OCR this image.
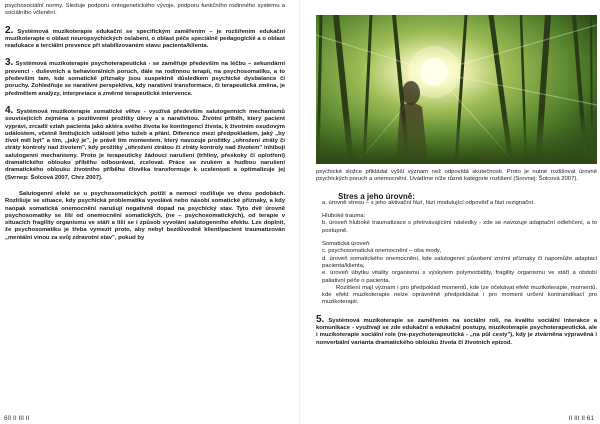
psychosociální normy. Sleduje podporu ontogenetického vývoje, podporu funkčního rodinného systému a sociálního včlenění.

2. Systémová muzikoterapie edukační se specifickým zaměřením – je rozšířením edukační muzikoterapie o oblast neuropsychických oslabení, o oblast péče speciálně pedagogické a o oblast readukace a terciální prevence při stabilizovaném stavu pacienta/klienta.

3. Systémová muzikoterapie psychoterapeutická - se zaměřuje především na léčbu – sekundární prevenci - duševních a behaviorálních poruch, dále na rodinnou terapii, na psychosomatiku, a to především tam, kde somatické příznaky jsou suspektně důsledkem psychické dysbalance či poruchy. Zohledňuje se narativní perspektiva, kdy narativní transformace, či terapeutická změna, je předmětem analýzy, interpretace a změrné terapeutické intervence.

4. Systémová muzikoterapie somatické větve - využívá především salutogenních mechanismů souvisejících zejména s pozitivními prožitky úlevy a s narativitou. Životní příběh, který pacient vypráví, zrcadlí vztah pacienta jako aktéra svého života ke kontingenci života, k životním osudovým událostem, včetně limitujících událostí jeho tužeb a přání. Diference mezi předpokladem, jaký „by život měl být" a tím, „jaký je", je právě tím momentem, který navozuje prožitky „ohrožení ztráty či ztráty kontroly nad životem", kdy prožitky „ohrožení ztrátou či ztráty kontroly nad životem" inhibují salutogenní mechanismy. Proto je terapeuticky žádoucí narušení (trhliny, přeskoky či oplotření) dramatického oblouku příběhu odbourávat, zcelovat. Práce se zvukem a hudbou narušení dramatického oblouku životního příběhu člověka transformuje k ucelenosti a optimalizuje jej (Svrnep: Šolcová 2007, Chrz 2007).

Salutogenní efekt se u psychosomatických potíží a nemocí rozlišuje ve dvou podobách. Rozlišuje se situace, kdy psychická problematika vyvolává nebo násobí somatické příznaky, a kdy naopak somatická onemocnění narušují negativně dopad na psychický stav. Tyto dvě úrovně psychosomatiky se liší od onemocnění somatických, (ne – psychosomatických), od terapie v situacích fragility organismu ve stáří a liší se i způsob vyvolání salutogenního efektu. Lze doplnit, že psychosomatiku je třeba vymezit proto, aby nebyl bezdůvodně klient/pacient traumatizován „mentální vinou za svůj zdravotní stav", pokud by

60 II III II

psychické složce přikládal vyšší význam než odpovídá skutečnosti. Proto je nutné rozlišovat úrovně psychických poruch a onemocnění. Uvádíme níže různé kategorie rozlišení (Srovnej: Šolcová 2007).

Stres a jeho úrovně:

a. úrovně stresu – s jeho aktivační fází, fází modulující odpověď a fází rezignační.

Hluboké trauma:

b. úroveň hluboké traumatizace s přetrvávajícími následky - zde se navozuje adaptační odlehčení, a to postupně.

Somatická úroveň:

c. psychosomatická onemocnění – oba mody,

d. úroveň somatického onemocnění, kde salutogenní působení zmírní příznaky či napomůže adaptaci pacienta/klienta,

e. úroveň úbytku vitality organismu s výskytem polymorbidity, fragility organismu ve stáří a období paliativní péče o pacienta.

Rozlišení mají význam i pro předpoklad momentů, kde lze očekávat efekt muzikoterapie, momentů, kde efekt muzikoterapie nelze oprávněně předpokládat i pro moment určení kontraindikací pro muzikoterapii.

5. Systémová muzikoterapie se zaměřením na sociální roli, na kvalitu sociální interakce a komunikace - využívají se zde edukační a edukační postupy, muzikoterapie psychoterapeutická, ale i muzikoterapie sociální role (ne-psychoterapeutická - „na půl cesty"), kdy je ztvárněna výpravěná i nonverbální varianta dramatického oblouku života či životních epizod.

II III II 61
